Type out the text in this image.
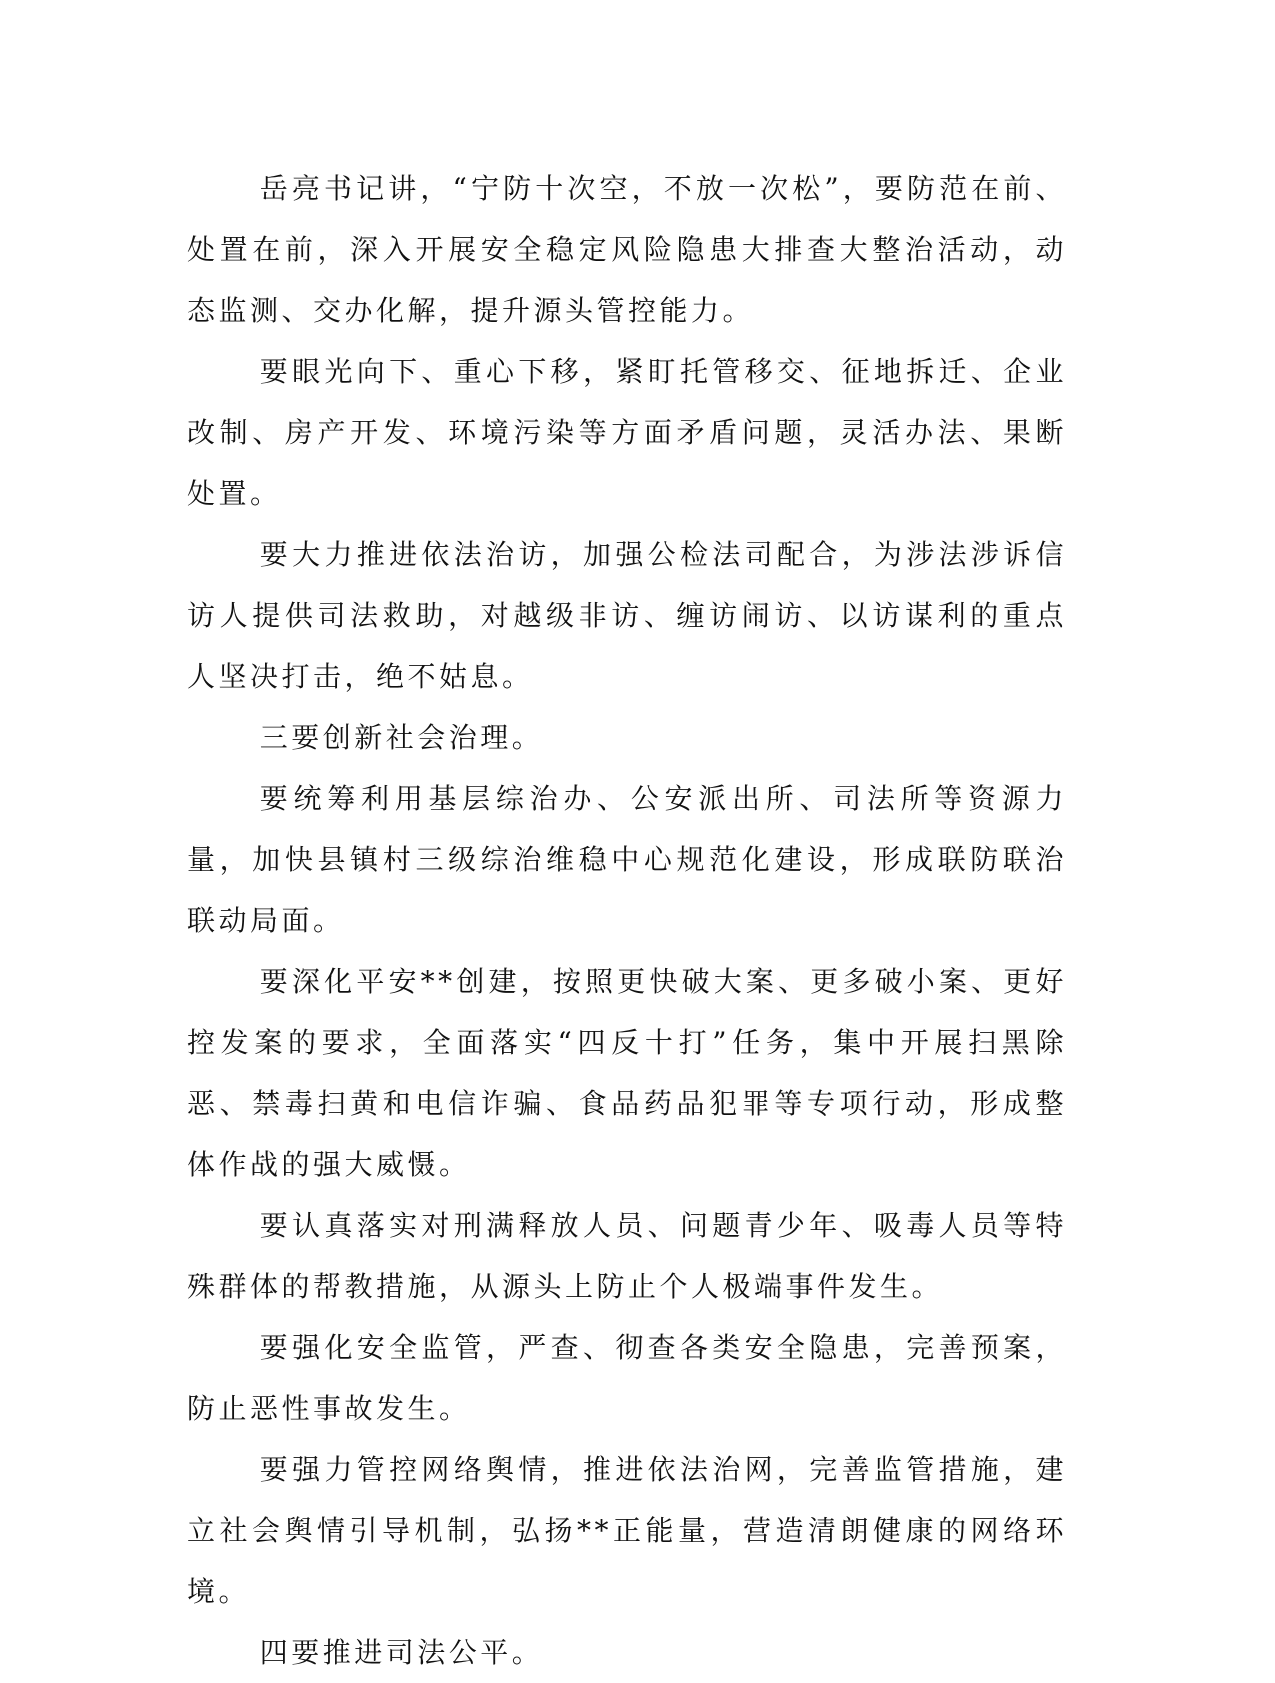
岳亮书记讲，“宁防十次空，不放一次松”，要防范在前、处置在前，深入开展安全稳定风险隐患大排查大整治活动，动态监测、交办化解，提升源头管控能力。

要眼光向下、重心下移，紧盯托管移交、征地拆迁、企业改制、房产开发、环境污染等方面矛盾问题，灵活办法、果断处置。

要大力推进依法治访，加强公检法司配合，为涉法涉诉信访人提供司法救助，对越级非访、缠访闹访、以访谋利的重点人坚决打击，绝不姑息。

三要创新社会治理。

要统筹利用基层综治办、公安派出所、司法所等资源力量，加快县镇村三级综治维稳中心规范化建设，形成联防联治联动局面。

要深化平安**创建，按照更快破大案、更多破小案、更好控发案的要求，全面落实“四反十打”任务，集中开展扫黑除恶、禁毒扫黄和电信诈骗、食品药品犯罪等专项行动，形成整体作战的强大威慑。

要认真落实对刑满释放人员、问题青少年、吸毒人员等特殊群体的帮教措施，从源头上防止个人极端事件发生。

要强化安全监管，严查、彻查各类安全隐患，完善预案，防止恶性事故发生。

要强力管控网络舆情，推进依法治网，完善监管措施，建立社会舆情引导机制，弘扬**正能量，营造清朗健康的网络环境。

四要推进司法公平。
